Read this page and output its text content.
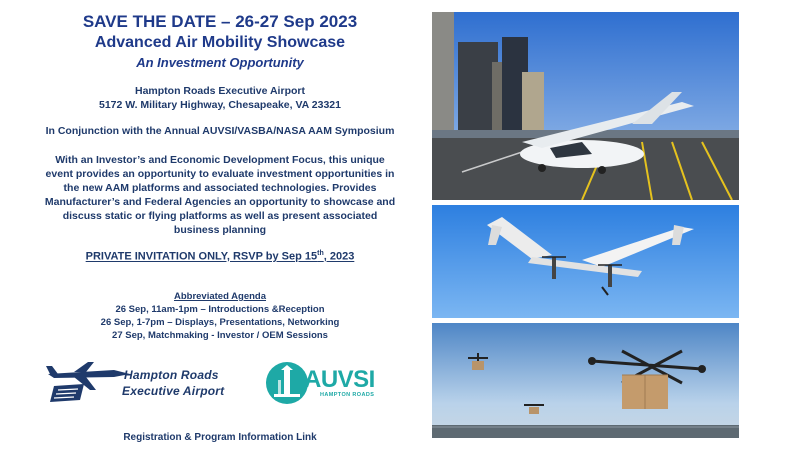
SAVE THE DATE – 26-27 Sep 2023
Advanced Air Mobility Showcase
An Investment Opportunity
Hampton Roads Executive Airport
5172 W. Military Highway, Chesapeake, VA 23321
In Conjunction with the Annual AUVSI/VASBA/NASA AAM Symposium
With an Investor’s and Economic Development Focus, this unique event provides an opportunity to evaluate investment opportunities in the new AAM platforms and associated technologies. Provides Manufacturer’s and Federal Agencies an opportunity to showcase and discuss static or flying platforms as well as present associated business planning
PRIVATE INVITATION ONLY, RSVP by Sep 15th, 2023
Abbreviated Agenda
26 Sep, 11am-1pm – Introductions &Reception
26 Sep, 1-7pm – Displays, Presentations, Networking
27 Sep, Matchmaking - Investor / OEM Sessions
Hampton Roads
Executive Airport	AUVSI
HAMPTON ROADS
Registration & Program Information Link
